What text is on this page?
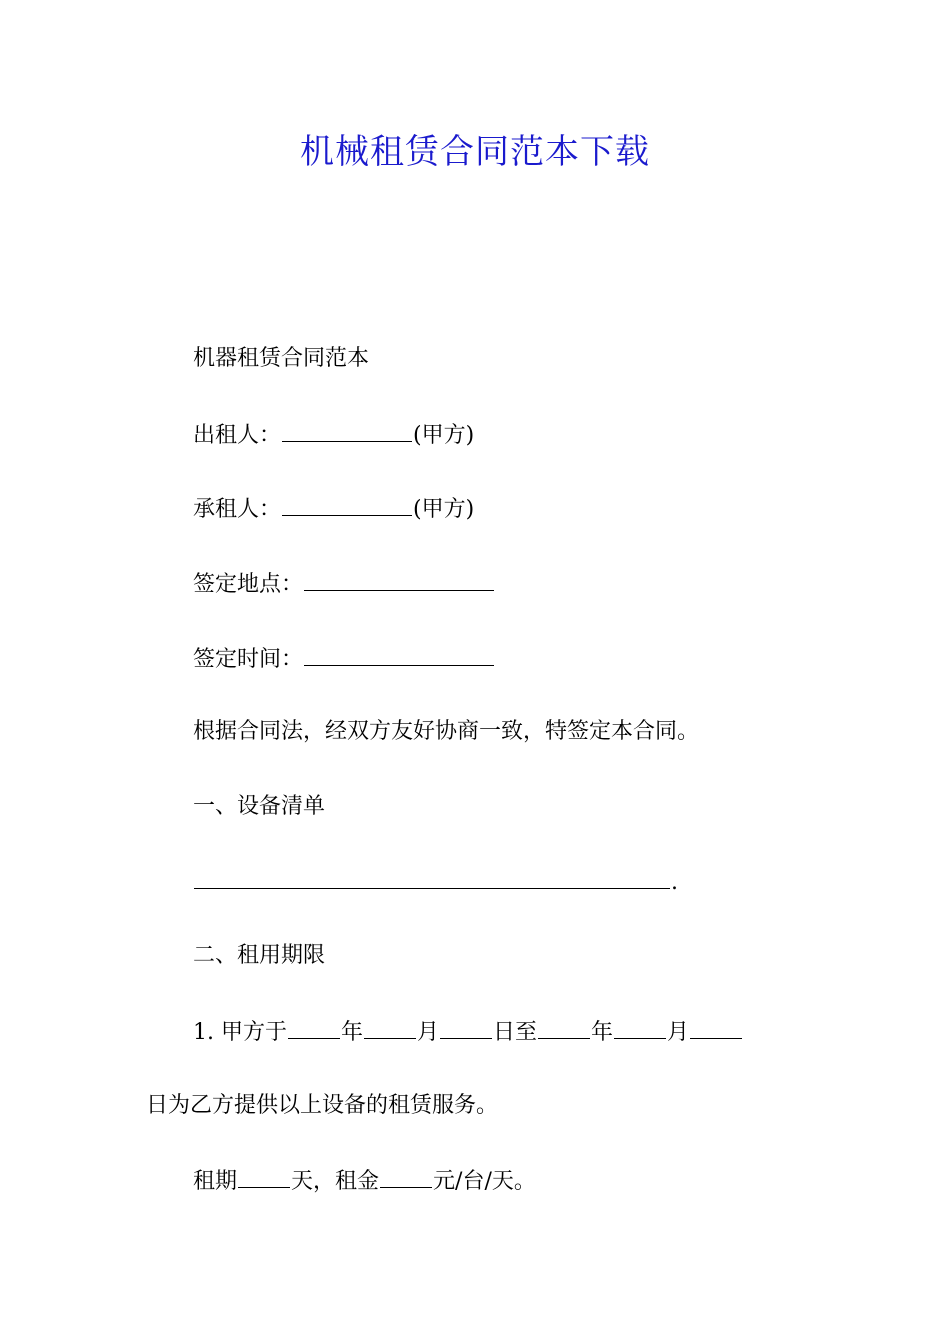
机械租赁合同范本下载
机器租赁合同范本
出租人：	(甲方)
承租人：	(甲方)
签定地点：
签定时间：
根据合同法，经双方友好协商一致，特签定本合同。
一、设备清单
.
二、租用期限
1. 甲方于 年 月 日至 年 月
日为乙方提供以上设备的租赁服务。
租期 天，租金 元/台/天。
